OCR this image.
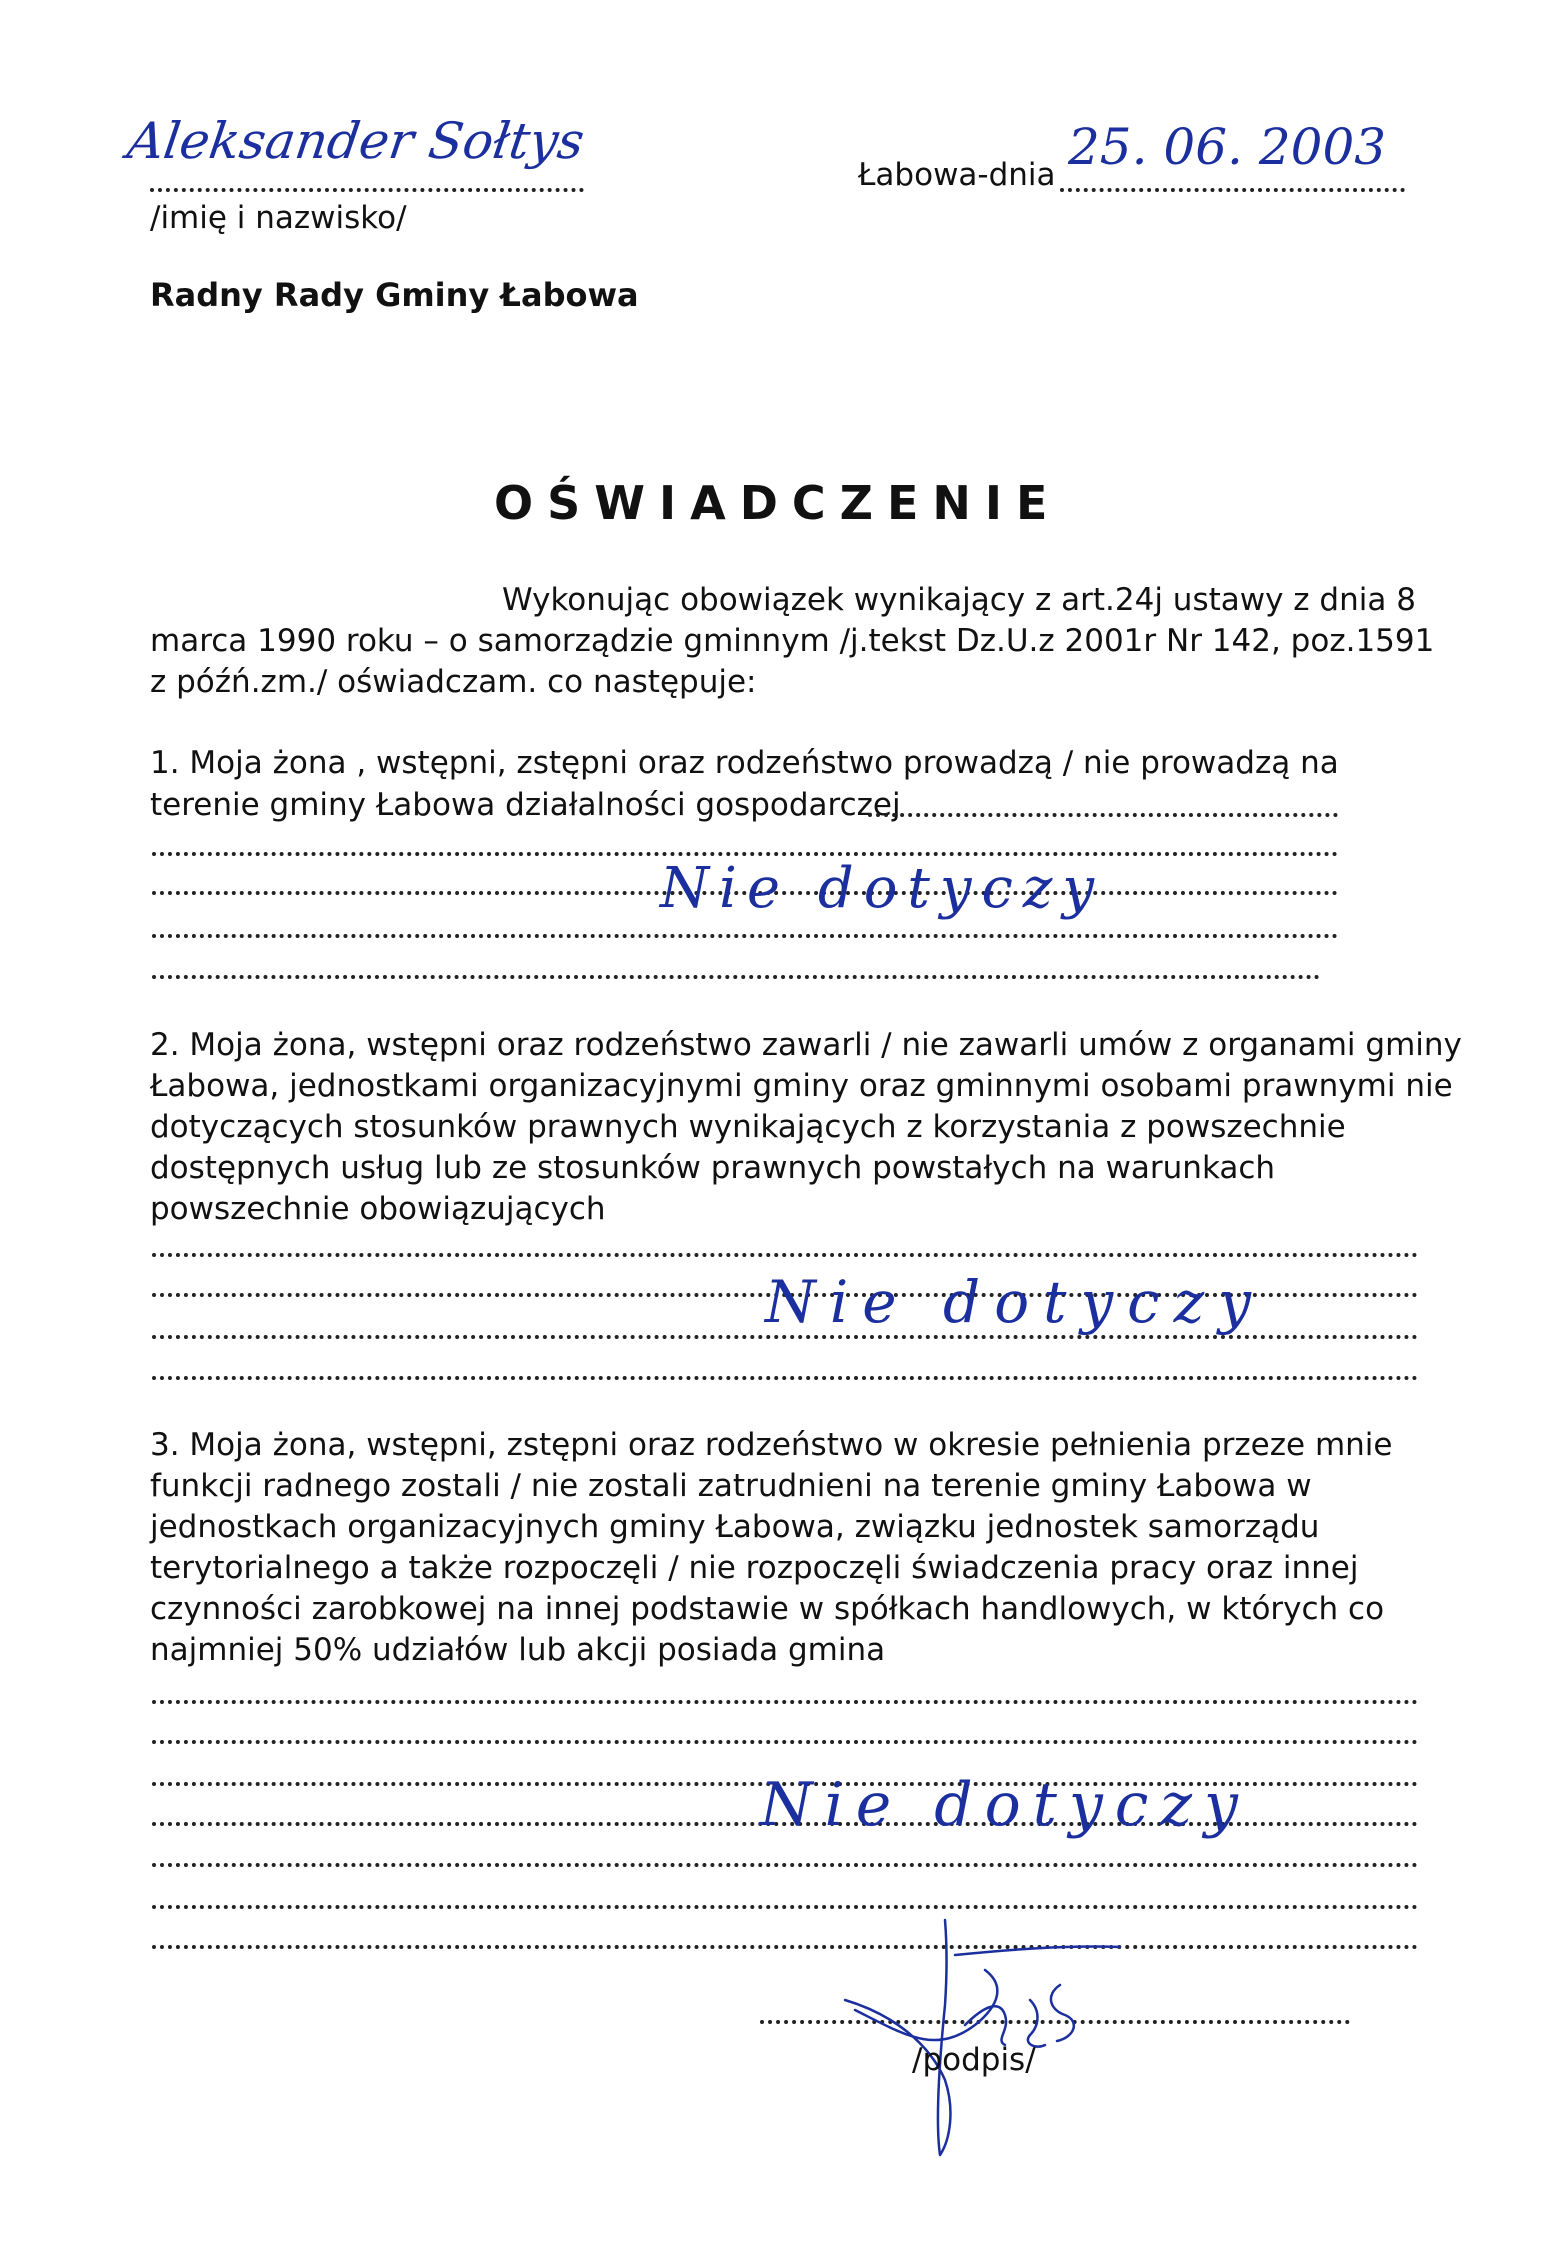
Aleksander Sołtys
/imię i nazwisko/
Łabowa-dnia 25. 06. 2003
Radny Rady Gminy Łabowa
OŚWIADCZENIE
Wykonując obowiązek wynikający z art.24j ustawy z dnia 8
marca 1990 roku – o samorządzie gminnym /j.tekst Dz.U.z 2001r Nr 142, poz.1591
z późń.zm./ oświadczam. co następuje:
1. Moja żona , wstępni, zstępni oraz rodzeństwo prowadzą / nie prowadzą na
terenie gminy Łabowa działalności gospodarczej
Nie dotyczy
2. Moja żona, wstępni oraz rodzeństwo zawarli / nie zawarli umów z organami gminy
Łabowa, jednostkami organizacyjnymi gminy oraz gminnymi osobami prawnymi nie
dotyczących stosunków prawnych wynikających z korzystania z powszechnie
dostępnych usług lub ze stosunków prawnych powstałych na warunkach
powszechnie obowiązujących
Nie dotyczy
3. Moja żona, wstępni, zstępni oraz rodzeństwo w okresie pełnienia przeze mnie
funkcji radnego zostali / nie zostali zatrudnieni na terenie gminy Łabowa w
jednostkach organizacyjnych gminy Łabowa, związku jednostek samorządu
terytorialnego a także rozpoczęli / nie rozpoczęli świadczenia pracy oraz innej
czynności zarobkowej na innej podstawie w spółkach handlowych, w których co
najmniej 50% udziałów lub akcji posiada gmina
Nie dotyczy
/podpis/
